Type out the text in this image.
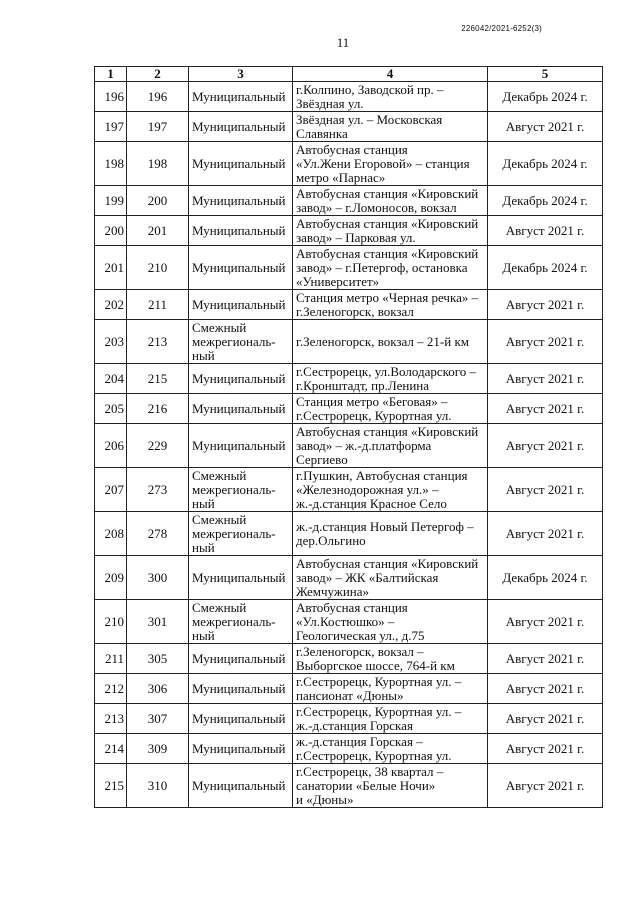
226042/2021-6252(3)
11
1	2	3	4	5
196	196	Муниципальный	г.Колпино, Заводской пр. –
Звёздная ул.	Декабрь 2024 г.
197	197	Муниципальный	Звёздная ул. – Московская
Славянка	Август 2021 г.
198	198	Муниципальный	Автобусная станция
«Ул.Жени Егоровой» – станция
метро «Парнас»	Декабрь 2024 г.
199	200	Муниципальный	Автобусная станция «Кировский
завод» – г.Ломоносов, вокзал	Декабрь 2024 г.
200	201	Муниципальный	Автобусная станция «Кировский
завод» – Парковая ул.	Август 2021 г.
201	210	Муниципальный	Автобусная станция «Кировский
завод» – г.Петергоф, остановка
«Университет»	Декабрь 2024 г.
202	211	Муниципальный	Станция метро «Черная речка» –
г.Зеленогорск, вокзал	Август 2021 г.
203	213	Смежный
межрегиональ-
ный	г.Зеленогорск, вокзал – 21-й км	Август 2021 г.
204	215	Муниципальный	г.Сестрорецк, ул.Володарского –
г.Кронштадт, пр.Ленина	Август 2021 г.
205	216	Муниципальный	Станция метро «Беговая» –
г.Сестрорецк, Курортная ул.	Август 2021 г.
206	229	Муниципальный	Автобусная станция «Кировский
завод» – ж.-д.платформа
Сергиево	Август 2021 г.
207	273	Смежный
межрегиональ-
ный	г.Пушкин, Автобусная станция
«Железнодорожная ул.» –
ж.-д.станция Красное Село	Август 2021 г.
208	278	Смежный
межрегиональ-
ный	ж.-д.станция Новый Петергоф –
дер.Ольгино	Август 2021 г.
209	300	Муниципальный	Автобусная станция «Кировский
завод» – ЖК «Балтийская
Жемчужина»	Декабрь 2024 г.
210	301	Смежный
межрегиональ-
ный	Автобусная станция
«Ул.Костюшко» –
Геологическая ул., д.75	Август 2021 г.
211	305	Муниципальный	г.Зеленогорск, вокзал –
Выборгское шоссе, 764-й км	Август 2021 г.
212	306	Муниципальный	г.Сестрорецк, Курортная ул. –
пансионат «Дюны»	Август 2021 г.
213	307	Муниципальный	г.Сестрорецк, Курортная ул. –
ж.-д.станция Горская	Август 2021 г.
214	309	Муниципальный	ж.-д.станция Горская –
г.Сестрорецк, Курортная ул.	Август 2021 г.
215	310	Муниципальный	г.Сестрорецк, 38 квартал –
санатории «Белые Ночи»
и «Дюны»	Август 2021 г.
